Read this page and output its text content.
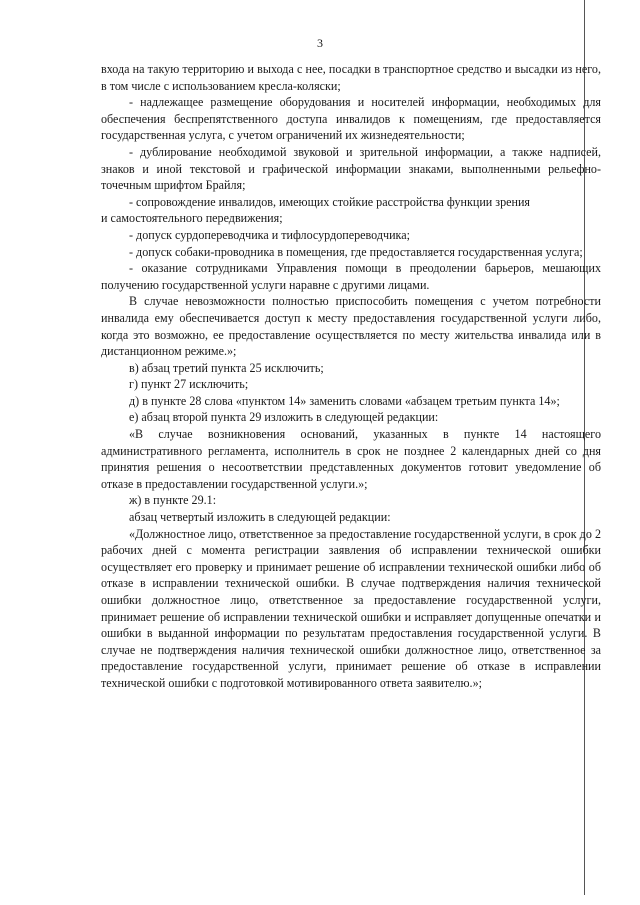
3

входа на такую территорию и выхода с нее, посадки в транспортное средство и высадки из него, в том числе с использованием кресла-коляски;

- надлежащее размещение оборудования и носителей информации, необходимых для обеспечения беспрепятственного доступа инвалидов к помещениям, где предоставляется государственная услуга, с учетом ограничений их жизнедеятельности;

- дублирование необходимой звуковой и зрительной информации, а также надписей, знаков и иной текстовой и графической информации знаками, выполненными рельефно-точечным шрифтом Брайля;

- сопровождение инвалидов, имеющих стойкие расстройства функции зрения

и самостоятельного передвижения;

- допуск сурдопереводчика и тифлосурдопереводчика;

- допуск собаки-проводника в помещения, где предоставляется государственная услуга;

- оказание сотрудниками Управления помощи в преодолении барьеров, мешающих получению государственной услуги наравне с другими лицами.

В случае невозможности полностью приспособить помещения с учетом потребности инвалида ему обеспечивается доступ к месту предоставления государственной услуги либо, когда это возможно, ее предоставление осуществляется по месту жительства инвалида или в дистанционном режиме.»;

в) абзац третий пункта 25 исключить;

г) пункт 27 исключить;

д) в пункте 28 слова «пунктом 14» заменить словами «абзацем третьим пункта 14»;

е) абзац второй пункта 29 изложить в следующей редакции:

«В случае возникновения оснований, указанных в пункте 14 настоящего административного регламента, исполнитель в срок не позднее 2 календарных дней со дня принятия решения о несоответствии представленных документов готовит уведомление об отказе в предоставлении государственной услуги.»;

ж) в пункте 29.1:

абзац четвертый изложить в следующей редакции:

«Должностное лицо, ответственное за предоставление государственной услуги, в срок до 2 рабочих дней с момента регистрации заявления об исправлении технической ошибки осуществляет его проверку и принимает решение об исправлении технической ошибки либо об отказе в исправлении технической ошибки. В случае подтверждения наличия технической ошибки должностное лицо, ответственное за предоставление государственной услуги, принимает решение об исправлении технической ошибки и исправляет допущенные опечатки и ошибки в выданной информации по результатам предоставления государственной услуги. В случае не подтверждения наличия технической ошибки должностное лицо, ответственное за предоставление государственной услуги, принимает решение об отказе в исправлении технической ошибки с подготовкой мотивированного ответа заявителю.»;
